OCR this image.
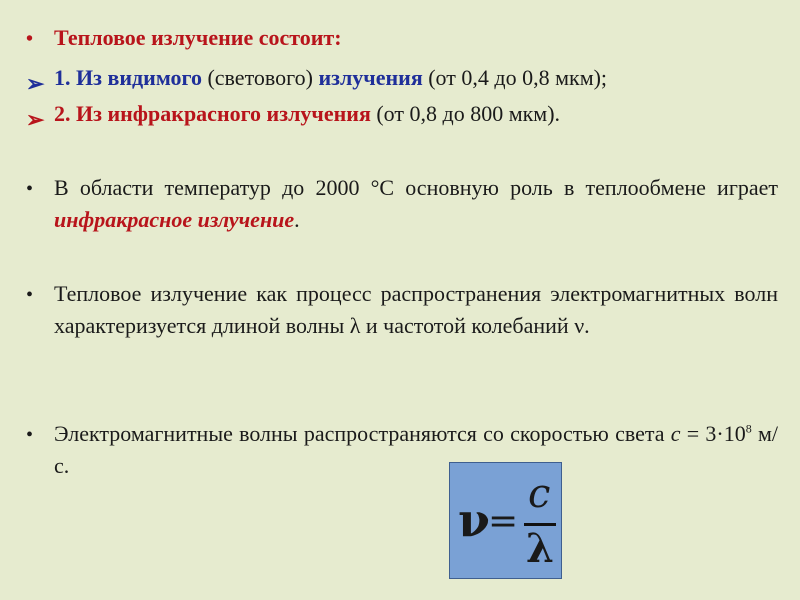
• Тепловое излучение состоит:
➢ 1. Из видимого (светового) излучения (от 0,4 до 0,8 мкм);
➢ 2. Из инфракрасного излучения (от 0,8 до 800 мкм).
• В области температур до 2000 °С основную роль в теплообмене играет инфракрасное излучение.
• Тепловое излучение как процесс распространения электромагнитных волн характеризуется длиной волны λ и частотой колебаний ν.
• Электромагнитные волны распространяются со скоростью света $c = 3\cdot 10^8$ м/с.
ν
=
c
λ
